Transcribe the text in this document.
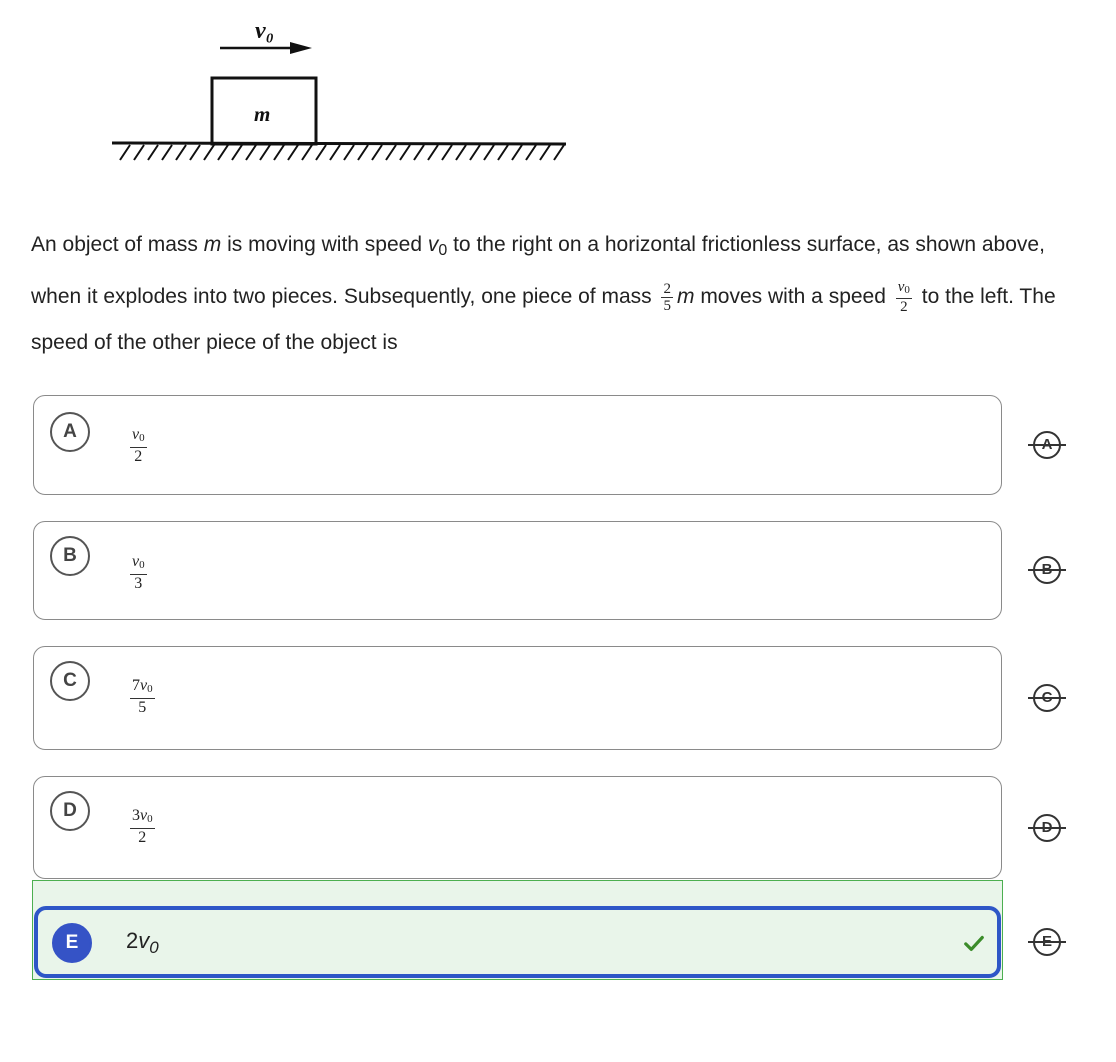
v₀
m
An object of mass m is moving with speed $v_0$ to the right on a horizontal frictionless surface, as shown above, when it explodes into two pieces. Subsequently, one piece of mass $\frac{2}{5}$ m moves with a speed $\frac{v_0}{2}$ to the left. The speed of the other piece of the object is
A	$\frac{v_0}{2}$
B	$\frac{v_0}{3}$
C	$\frac{7v_0}{5}$
D	$\frac{3v_0}{2}$
E	$2v_0$
